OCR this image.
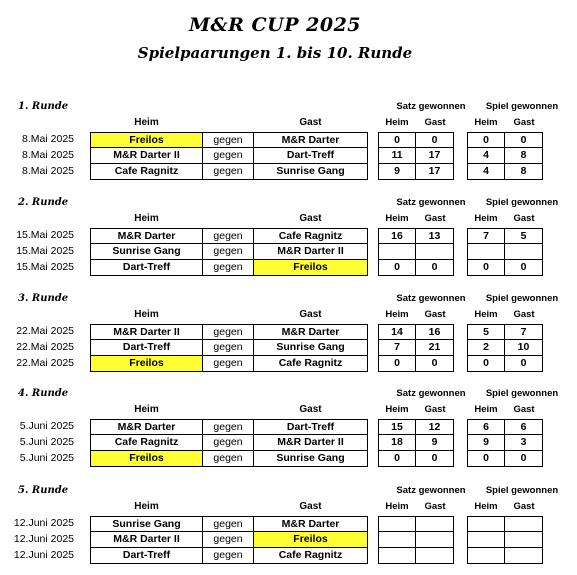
M&R CUP 2025
Spielpaarungen 1. bis 10. Runde
1. Runde	Satz gewonnen	Spiel gewonnen
Heim	Gast	Heim	Gast	Heim	Gast
8.Mai 2025	Freilos	gegen	M&R Darter	0	0	0	0
8.Mai 2025	M&R Darter II	gegen	Dart-Treff	11	17	4	8
8.Mai 2025	Cafe Ragnitz	gegen	Sunrise Gang	9	17	4	8
2. Runde	Satz gewonnen	Spiel gewonnen
Heim	Gast	Heim	Gast	Heim	Gast
15.Mai 2025	M&R Darter	gegen	Cafe Ragnitz	16	13	7	5
15.Mai 2025	Sunrise Gang	gegen	M&R Darter II
15.Mai 2025	Dart-Treff	gegen	Freilos	0	0	0	0
3. Runde	Satz gewonnen	Spiel gewonnen
Heim	Gast	Heim	Gast	Heim	Gast
22.Mai 2025	M&R Darter II	gegen	M&R Darter	14	16	5	7
22.Mai 2025	Dart-Treff	gegen	Sunrise Gang	7	21	2	10
22.Mai 2025	Freilos	gegen	Cafe Ragnitz	0	0	0	0
4. Runde	Satz gewonnen	Spiel gewonnen
Heim	Gast	Heim	Gast	Heim	Gast
5.Juni 2025	M&R Darter	gegen	Dart-Treff	15	12	6	6
5.Juni 2025	Cafe Ragnitz	gegen	M&R Darter II	18	9	9	3
5.Juni 2025	Freilos	gegen	Sunrise Gang	0	0	0	0
5. Runde	Satz gewonnen	Spiel gewonnen
Heim	Gast	Heim	Gast	Heim	Gast
12.Juni 2025	Sunrise Gang	gegen	M&R Darter
12.Juni 2025	M&R Darter II	gegen	Freilos
12.Juni 2025	Dart-Treff	gegen	Cafe Ragnitz
